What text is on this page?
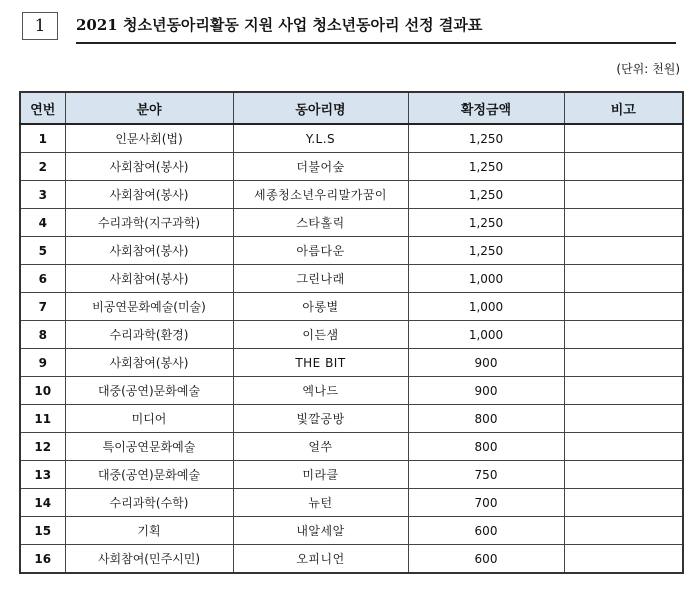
1	2021 청소년동아리활동 지원 사업 청소년동아리 선정 결과표
(단위: 천원)
연번	분야	동아리명	확정금액	비고
1	인문사회(법)	Y.L.S	1,250	
2	사회참여(봉사)	더불어숲	1,250	
3	사회참여(봉사)	세종청소년우리말가꿈이	1,250	
4	수리과학(지구과학)	스타홀릭	1,250	
5	사회참여(봉사)	아름다운	1,250	
6	사회참여(봉사)	그린나래	1,000	
7	비공연문화예술(미술)	아롱별	1,000	
8	수리과학(환경)	이든샘	1,000	
9	사회참여(봉사)	THE BIT	900	
10	대중(공연)문화예술	엑나드	900	
11	미디어	빛깔공방	800	
12	특이공연문화예술	얼쑤	800	
13	대중(공연)문화예술	미라클	750	
14	수리과학(수학)	뉴턴	700	
15	기획	내알세알	600	
16	사회참여(민주시민)	오피니언	600	
